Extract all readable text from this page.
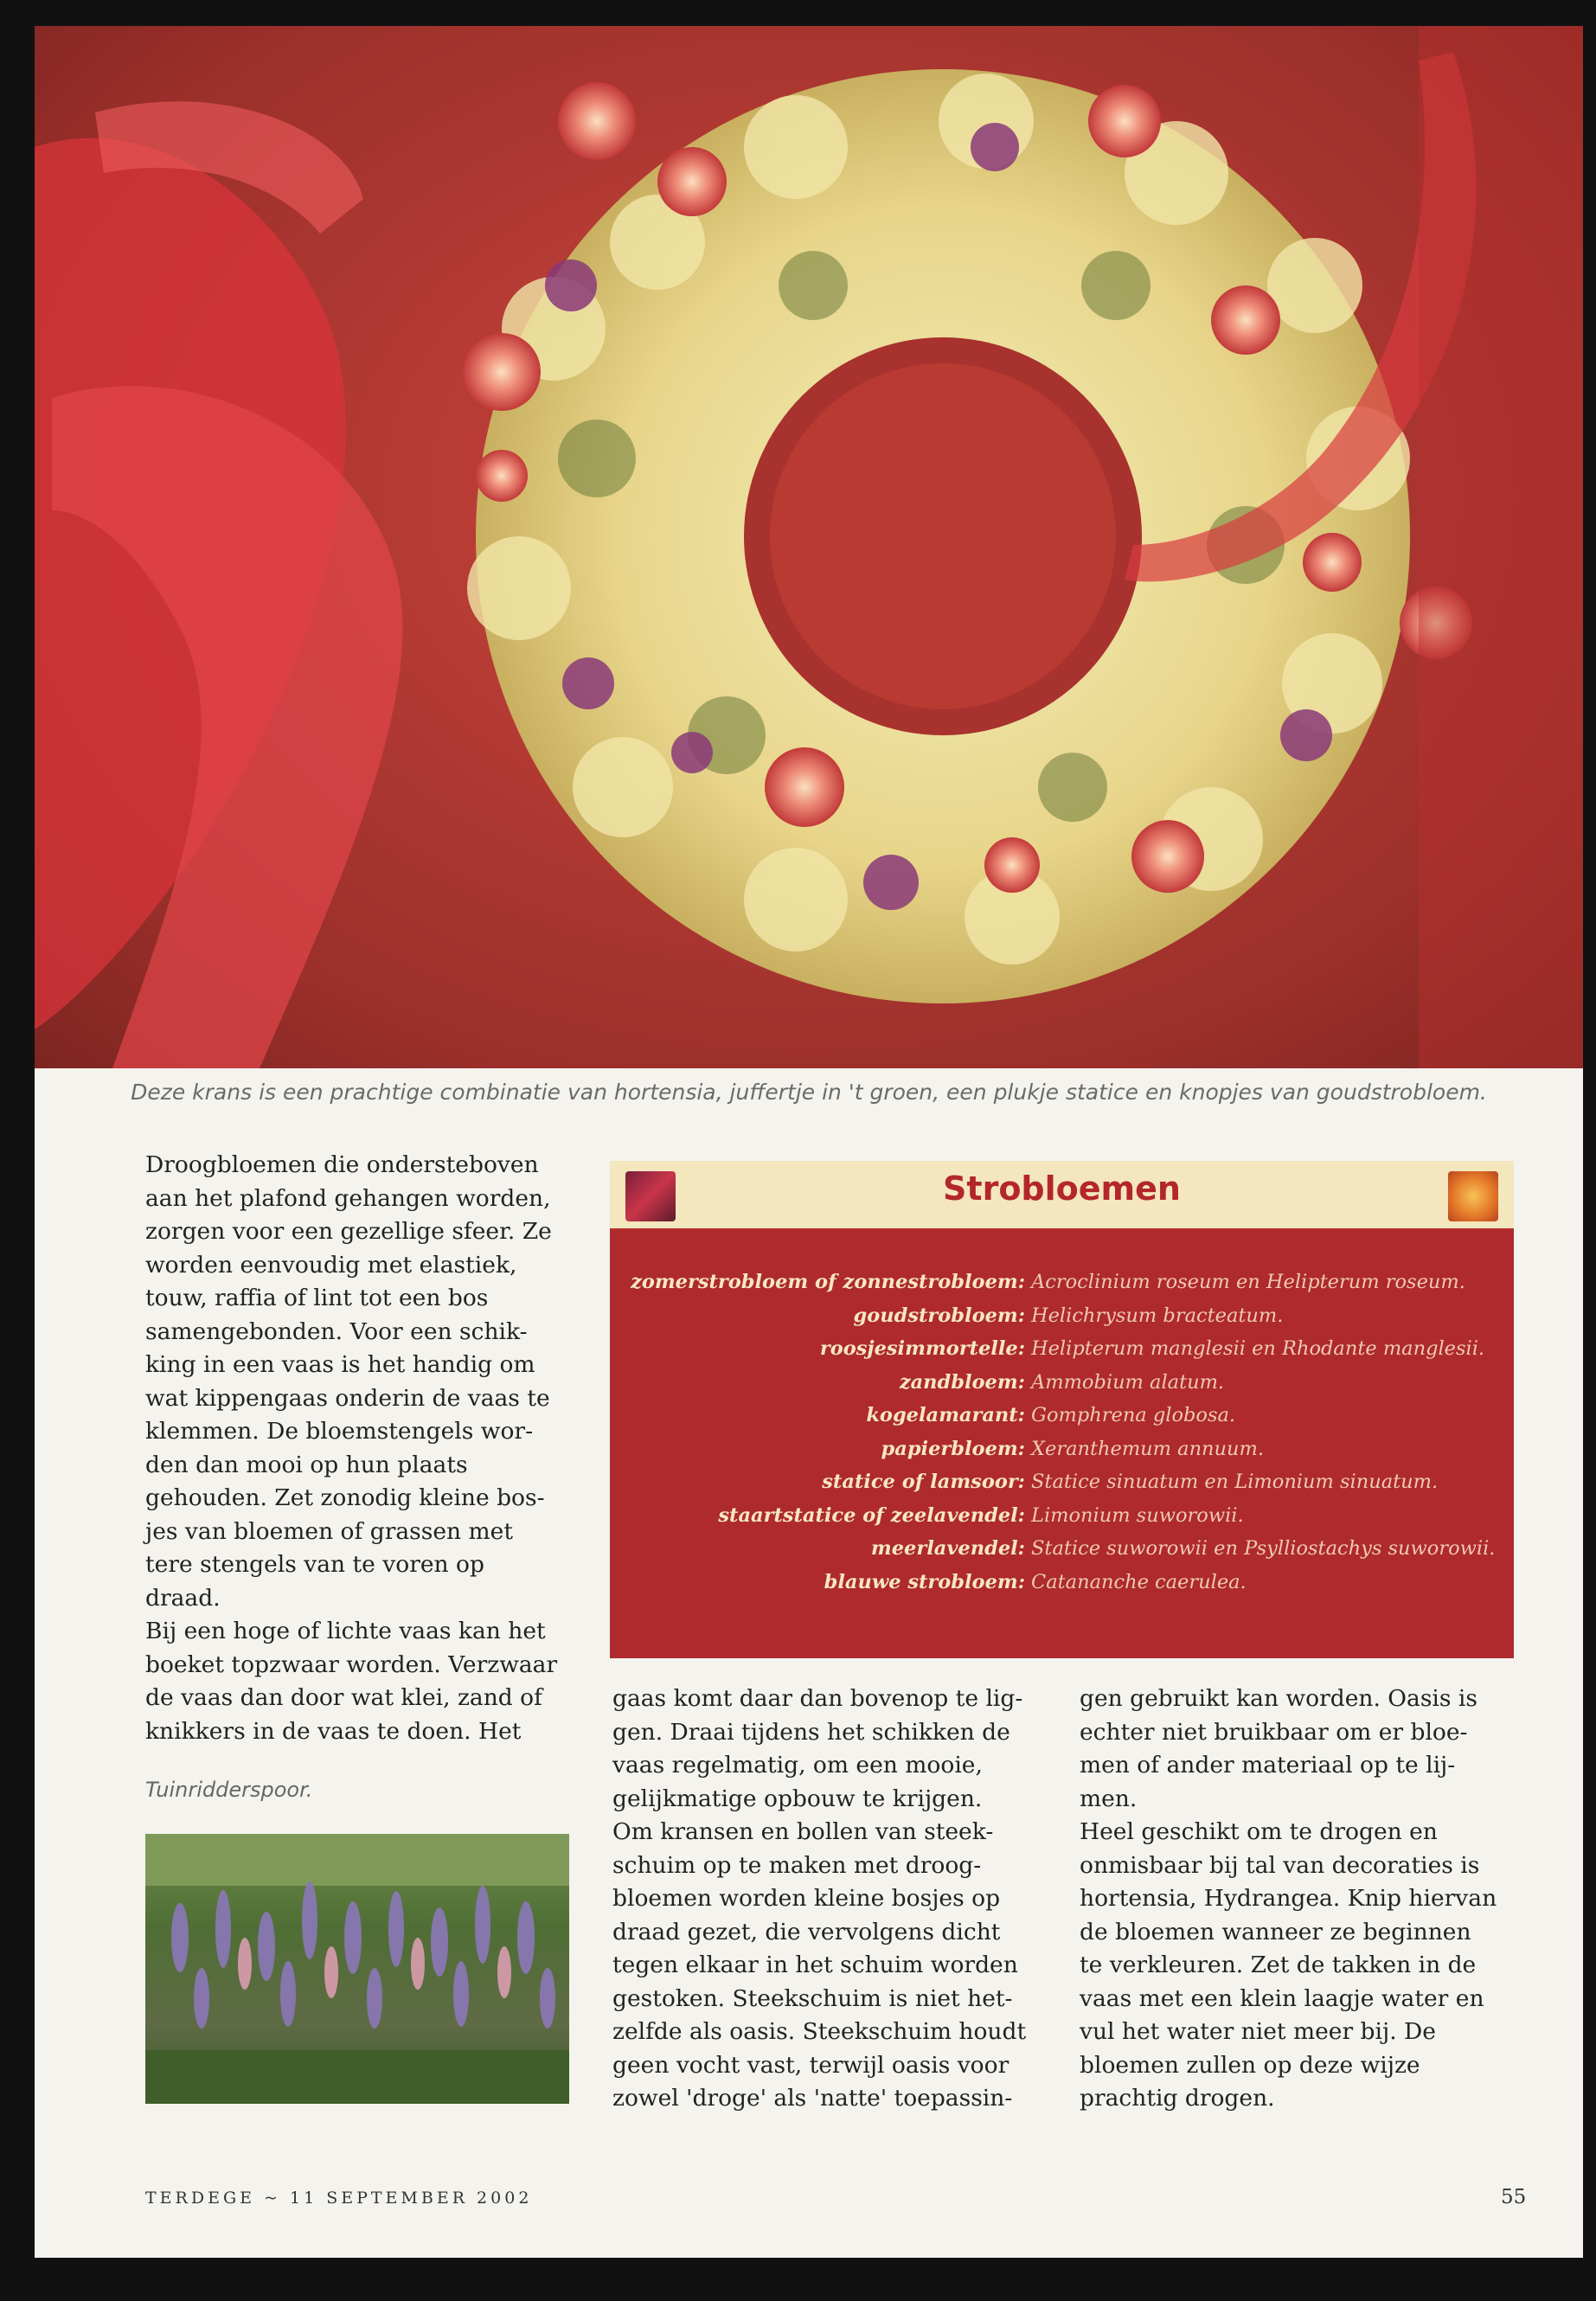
Deze krans is een prachtige combinatie van hortensia, juffertje in 't groen, een plukje statice en knopjes van goudstrobloem.

Droogbloemen die ondersteboven

aan het plafond gehangen worden,

zorgen voor een gezellige sfeer. Ze

worden eenvoudig met elastiek,

touw, raffia of lint tot een bos

samengebonden. Voor een schik-

king in een vaas is het handig om

wat kippengaas onderin de vaas te

klemmen. De bloemstengels wor-

den dan mooi op hun plaats

gehouden. Zet zonodig kleine bos-

jes van bloemen of grassen met

tere stengels van te voren op

draad.

Bij een hoge of lichte vaas kan het

boeket topzwaar worden. Verzwaar

de vaas dan door wat klei, zand of

knikkers in de vaas te doen. Het

Tuinridderspoor.
Strobloemen
zomerstrobloem of zonnestrobloem: Acroclinium roseum en Helipterum roseum.
goudstrobloem: Helichrysum bracteatum.
roosjesimmortelle: Helipterum manglesii en Rhodante manglesii.
zandbloem: Ammobium alatum.
kogelamarant: Gomphrena globosa.
papierbloem: Xeranthemum annuum.
statice of lamsoor: Statice sinuatum en Limonium sinuatum.
staartstatice of zeelavendel: Limonium suworowii.
meerlavendel: Statice suworowii en Psylliostachys suworowii.
blauwe strobloem: Catananche caerulea.

gaas komt daar dan bovenop te lig-

gen. Draai tijdens het schikken de

vaas regelmatig, om een mooie,

gelijkmatige opbouw te krijgen.

Om kransen en bollen van steek-

schuim op te maken met droog-

bloemen worden kleine bosjes op

draad gezet, die vervolgens dicht

tegen elkaar in het schuim worden

gestoken. Steekschuim is niet het-

zelfde als oasis. Steekschuim houdt

geen vocht vast, terwijl oasis voor

zowel 'droge' als 'natte' toepassin-

gen gebruikt kan worden. Oasis is

echter niet bruikbaar om er bloe-

men of ander materiaal op te lij-

men.

Heel geschikt om te drogen en

onmisbaar bij tal van decoraties is

hortensia, Hydrangea. Knip hiervan

de bloemen wanneer ze beginnen

te verkleuren. Zet de takken in de

vaas met een klein laagje water en

vul het water niet meer bij. De

bloemen zullen op deze wijze

prachtig drogen.

TERDEGE ~ 11 SEPTEMBER 2002	55
